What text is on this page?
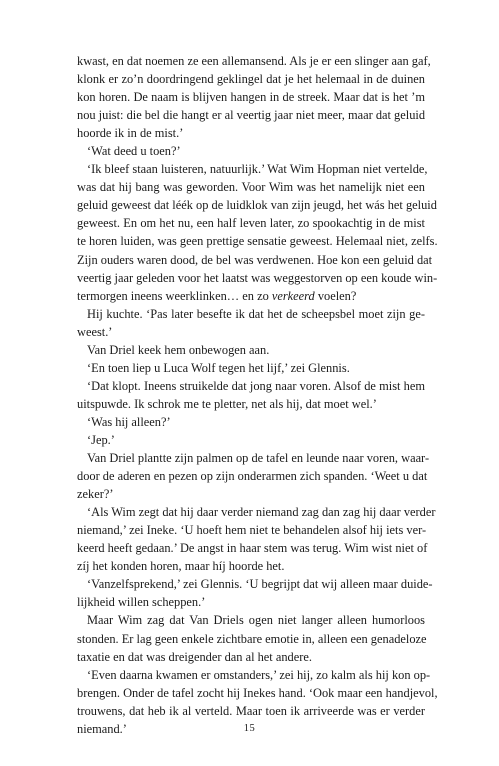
kwast, en dat noemen ze een allemansend. Als je er een slinger aan gaf,
klonk er zo’n doordringend geklingel dat je het helemaal in de duinen
kon horen. De naam is blijven hangen in de streek. Maar dat is het ’m
nou juist: die bel die hangt er al veertig jaar niet meer, maar dat geluid
hoorde ik in de mist.’
‘Wat deed u toen?’
‘Ik bleef staan luisteren, natuurlijk.’ Wat Wim Hopman niet vertelde,
was dat hij bang was geworden. Voor Wim was het namelijk niet een
geluid geweest dat léék op de luidklok van zijn jeugd, het wás het geluid
geweest. En om het nu, een half leven later, zo spookachtig in de mist
te horen luiden, was geen prettige sensatie geweest. Helemaal niet, zelfs.
Zijn ouders waren dood, de bel was verdwenen. Hoe kon een geluid dat
veertig jaar geleden voor het laatst was weggestorven op een koude win-
termorgen ineens weerklinken… en zo verkeerd voelen?
Hij kuchte. ‘Pas later besefte ik dat het de scheepsbel moet zijn ge-
weest.’
Van Driel keek hem onbewogen aan.
‘En toen liep u Luca Wolf tegen het lijf,’ zei Glennis.
‘Dat klopt. Ineens struikelde dat jong naar voren. Alsof de mist hem
uitspuwde. Ik schrok me te pletter, net als hij, dat moet wel.’
‘Was hij alleen?’
‘Jep.’
Van Driel plantte zijn palmen op de tafel en leunde naar voren, waar-
door de aderen en pezen op zijn onderarmen zich spanden. ‘Weet u dat
zeker?’
‘Als Wim zegt dat hij daar verder niemand zag dan zag hij daar verder
niemand,’ zei Ineke. ‘U hoeft hem niet te behandelen alsof hij iets ver-
keerd heeft gedaan.’ De angst in haar stem was terug. Wim wist niet of
zíj het konden horen, maar híj hoorde het.
‘Vanzelfsprekend,’ zei Glennis. ‘U begrijpt dat wij alleen maar duide-
lijkheid willen scheppen.’
Maar Wim zag dat Van Driels ogen niet langer alleen humorloos
stonden. Er lag geen enkele zichtbare emotie in, alleen een genadeloze
taxatie en dat was dreigender dan al het andere.
‘Even daarna kwamen er omstanders,’ zei hij, zo kalm als hij kon op-
brengen. Onder de tafel zocht hij Inekes hand. ‘Ook maar een handjevol,
trouwens, dat heb ik al verteld. Maar toen ik arriveerde was er verder
niemand.’	15
